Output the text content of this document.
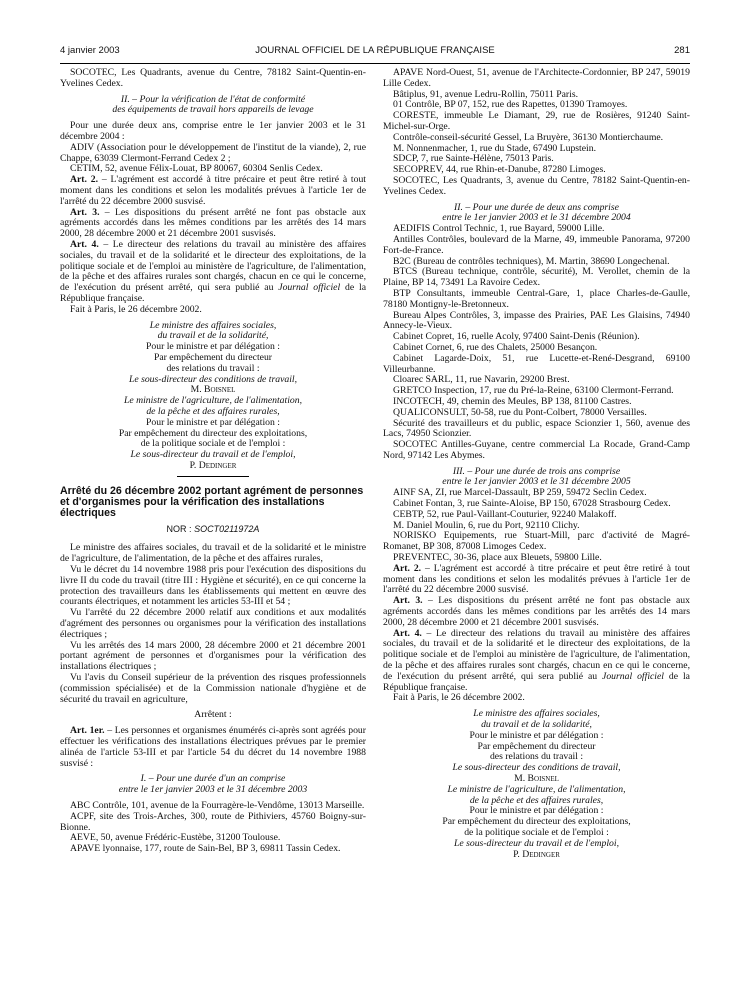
4 janvier 2003	JOURNAL OFFICIEL DE LA RÉPUBLIQUE FRANÇAISE	281

SOCOTEC, Les Quadrants, avenue du Centre, 78182 Saint-Quentin-en-Yvelines Cedex.

II. – Pour la vérification de l'état de conformité

des équipements de travail hors appareils de levage

Pour une durée deux ans, comprise entre le 1er janvier 2003 et le 31 décembre 2004 :

ADIV (Association pour le développement de l'institut de la viande), 2, rue Chappe, 63039 Clermont-Ferrand Cedex 2 ;

CETIM, 52, avenue Félix-Louat, BP 80067, 60304 Senlis Cedex.

Art. 2. – L'agrément est accordé à titre précaire et peut être retiré à tout moment dans les conditions et selon les modalités prévues à l'article 1er de l'arrêté du 22 décembre 2000 susvisé.

Art. 3. – Les dispositions du présent arrêté ne font pas obstacle aux agréments accordés dans les mêmes conditions par les arrêtés des 14 mars 2000, 28 décembre 2000 et 21 décembre 2001 susvisés.

Art. 4. – Le directeur des relations du travail au ministère des affaires sociales, du travail et de la solidarité et le directeur des exploitations, de la politique sociale et de l'emploi au ministère de l'agriculture, de l'alimentation, de la pêche et des affaires rurales sont chargés, chacun en ce qui le concerne, de l'exécution du présent arrêté, qui sera publié au Journal officiel de la République française.

Fait à Paris, le 26 décembre 2002.

Le ministre des affaires sociales,

du travail et de la solidarité,

Pour le ministre et par délégation :

Par empêchement du directeur

des relations du travail :

Le sous-directeur des conditions de travail,

M. Boisnel

Le ministre de l'agriculture, de l'alimentation,

de la pêche et des affaires rurales,

Pour le ministre et par délégation :

Par empêchement du directeur des exploitations,

de la politique sociale et de l'emploi :

Le sous-directeur du travail et de l'emploi,

P. Dedinger

Arrêté du 26 décembre 2002 portant agrément de personnes et d'organismes pour la vérification des installations électriques

NOR : SOCT0211972A

Le ministre des affaires sociales, du travail et de la solidarité et le ministre de l'agriculture, de l'alimentation, de la pêche et des affaires rurales,

Vu le décret du 14 novembre 1988 pris pour l'exécution des dispositions du livre II du code du travail (titre III : Hygiène et sécurité), en ce qui concerne la protection des travailleurs dans les établissements qui mettent en œuvre des courants électriques, et notamment les articles 53-III et 54 ;

Vu l'arrêté du 22 décembre 2000 relatif aux conditions et aux modalités d'agrément des personnes ou organismes pour la vérification des installations électriques ;

Vu les arrêtés des 14 mars 2000, 28 décembre 2000 et 21 décembre 2001 portant agrément de personnes et d'organismes pour la vérification des installations électriques ;

Vu l'avis du Conseil supérieur de la prévention des risques professionnels (commission spécialisée) et de la Commission nationale d'hygiène et de sécurité du travail en agriculture,

Arrêtent :

Art. 1er. – Les personnes et organismes énumérés ci-après sont agréés pour effectuer les vérifications des installations électriques prévues par le premier alinéa de l'article 53-III et par l'article 54 du décret du 14 novembre 1988 susvisé :

I. – Pour une durée d'un an comprise

entre le 1er janvier 2003 et le 31 décembre 2003

ABC Contrôle, 101, avenue de la Fourragère-le-Vendôme, 13013 Marseille.

ACPF, site des Trois-Arches, 300, route de Pithiviers, 45760 Boigny-sur-Bionne.

AEVE, 50, avenue Frédéric-Eustèbe, 31200 Toulouse.

APAVE lyonnaise, 177, route de Sain-Bel, BP 3, 69811 Tassin Cedex.

APAVE Nord-Ouest, 51, avenue de l'Architecte-Cordonnier, BP 247, 59019 Lille Cedex.

Bâtiplus, 91, avenue Ledru-Rollin, 75011 Paris.

01 Contrôle, BP 07, 152, rue des Rapettes, 01390 Tramoyes.

CORESTE, immeuble Le Diamant, 29, rue de Rosières, 91240 Saint-Michel-sur-Orge.

Contrôle-conseil-sécurité Gessel, La Bruyère, 36130 Montierchaume.

M. Nonnenmacher, 1, rue du Stade, 67490 Lupstein.

SDCP, 7, rue Sainte-Hélène, 75013 Paris.

SECOPREV, 44, rue Rhin-et-Danube, 87280 Limoges.

SOCOTEC, Les Quadrants, 3, avenue du Centre, 78182 Saint-Quentin-en-Yvelines Cedex.

II. – Pour une durée de deux ans comprise

entre le 1er janvier 2003 et le 31 décembre 2004

AEDIFIS Control Technic, 1, rue Bayard, 59000 Lille.

Antilles Contrôles, boulevard de la Marne, 49, immeuble Panorama, 97200 Fort-de-France.

B2C (Bureau de contrôles techniques), M. Martin, 38690 Longechenal.

BTCS (Bureau technique, contrôle, sécurité), M. Verollet, chemin de la Plaine, BP 14, 73491 La Ravoire Cedex.

BTP Consultants, immeuble Central-Gare, 1, place Charles-de-Gaulle, 78180 Montigny-le-Bretonneux.

Bureau Alpes Contrôles, 3, impasse des Prairies, PAE Les Glaisins, 74940 Annecy-le-Vieux.

Cabinet Copret, 16, ruelle Acoly, 97400 Saint-Denis (Réunion).

Cabinet Cornet, 6, rue des Chalets, 25000 Besançon.

Cabinet Lagarde-Doix, 51, rue Lucette-et-René-Desgrand, 69100 Villeurbanne.

Cloarec SARL, 11, rue Navarin, 29200 Brest.

GRETCO Inspection, 17, rue du Pré-la-Reine, 63100 Clermont-Ferrand.

INCOTECH, 49, chemin des Meules, BP 138, 81100 Castres.

QUALICONSULT, 50-58, rue du Pont-Colbert, 78000 Versailles.

Sécurité des travailleurs et du public, espace Scionzier 1, 560, avenue des Lacs, 74950 Scionzier.

SOCOTEC Antilles-Guyane, centre commercial La Rocade, Grand-Camp Nord, 97142 Les Abymes.

III. – Pour une durée de trois ans comprise

entre le 1er janvier 2003 et le 31 décembre 2005

AINF SA, ZI, rue Marcel-Dassault, BP 259, 59472 Seclin Cedex.

Cabinet Fontan, 3, rue Sainte-Aloise, BP 150, 67028 Strasbourg Cedex.

CEBTP, 52, rue Paul-Vaillant-Couturier, 92240 Malakoff.

M. Daniel Moulin, 6, rue du Port, 92110 Clichy.

NORISKO Equipements, rue Stuart-Mill, parc d'activité de Magré-Romanet, BP 308, 87008 Limoges Cedex.

PREVENTEC, 30-36, place aux Bleuets, 59800 Lille.

Art. 2. – L'agrément est accordé à titre précaire et peut être retiré à tout moment dans les conditions et selon les modalités prévues à l'article 1er de l'arrêté du 22 décembre 2000 susvisé.

Art. 3. – Les dispositions du présent arrêté ne font pas obstacle aux agréments accordés dans les mêmes conditions par les arrêtés des 14 mars 2000, 28 décembre 2000 et 21 décembre 2001 susvisés.

Art. 4. – Le directeur des relations du travail au ministère des affaires sociales, du travail et de la solidarité et le directeur des exploitations, de la politique sociale et de l'emploi au ministère de l'agriculture, de l'alimentation, de la pêche et des affaires rurales sont chargés, chacun en ce qui le concerne, de l'exécution du présent arrêté, qui sera publié au Journal officiel de la République française.

Fait à Paris, le 26 décembre 2002.

Le ministre des affaires sociales,

du travail et de la solidarité,

Pour le ministre et par délégation :

Par empêchement du directeur

des relations du travail :

Le sous-directeur des conditions de travail,

M. Boisnel

Le ministre de l'agriculture, de l'alimentation,

de la pêche et des affaires rurales,

Pour le ministre et par délégation :

Par empêchement du directeur des exploitations,

de la politique sociale et de l'emploi :

Le sous-directeur du travail et de l'emploi,

P. Dedinger
